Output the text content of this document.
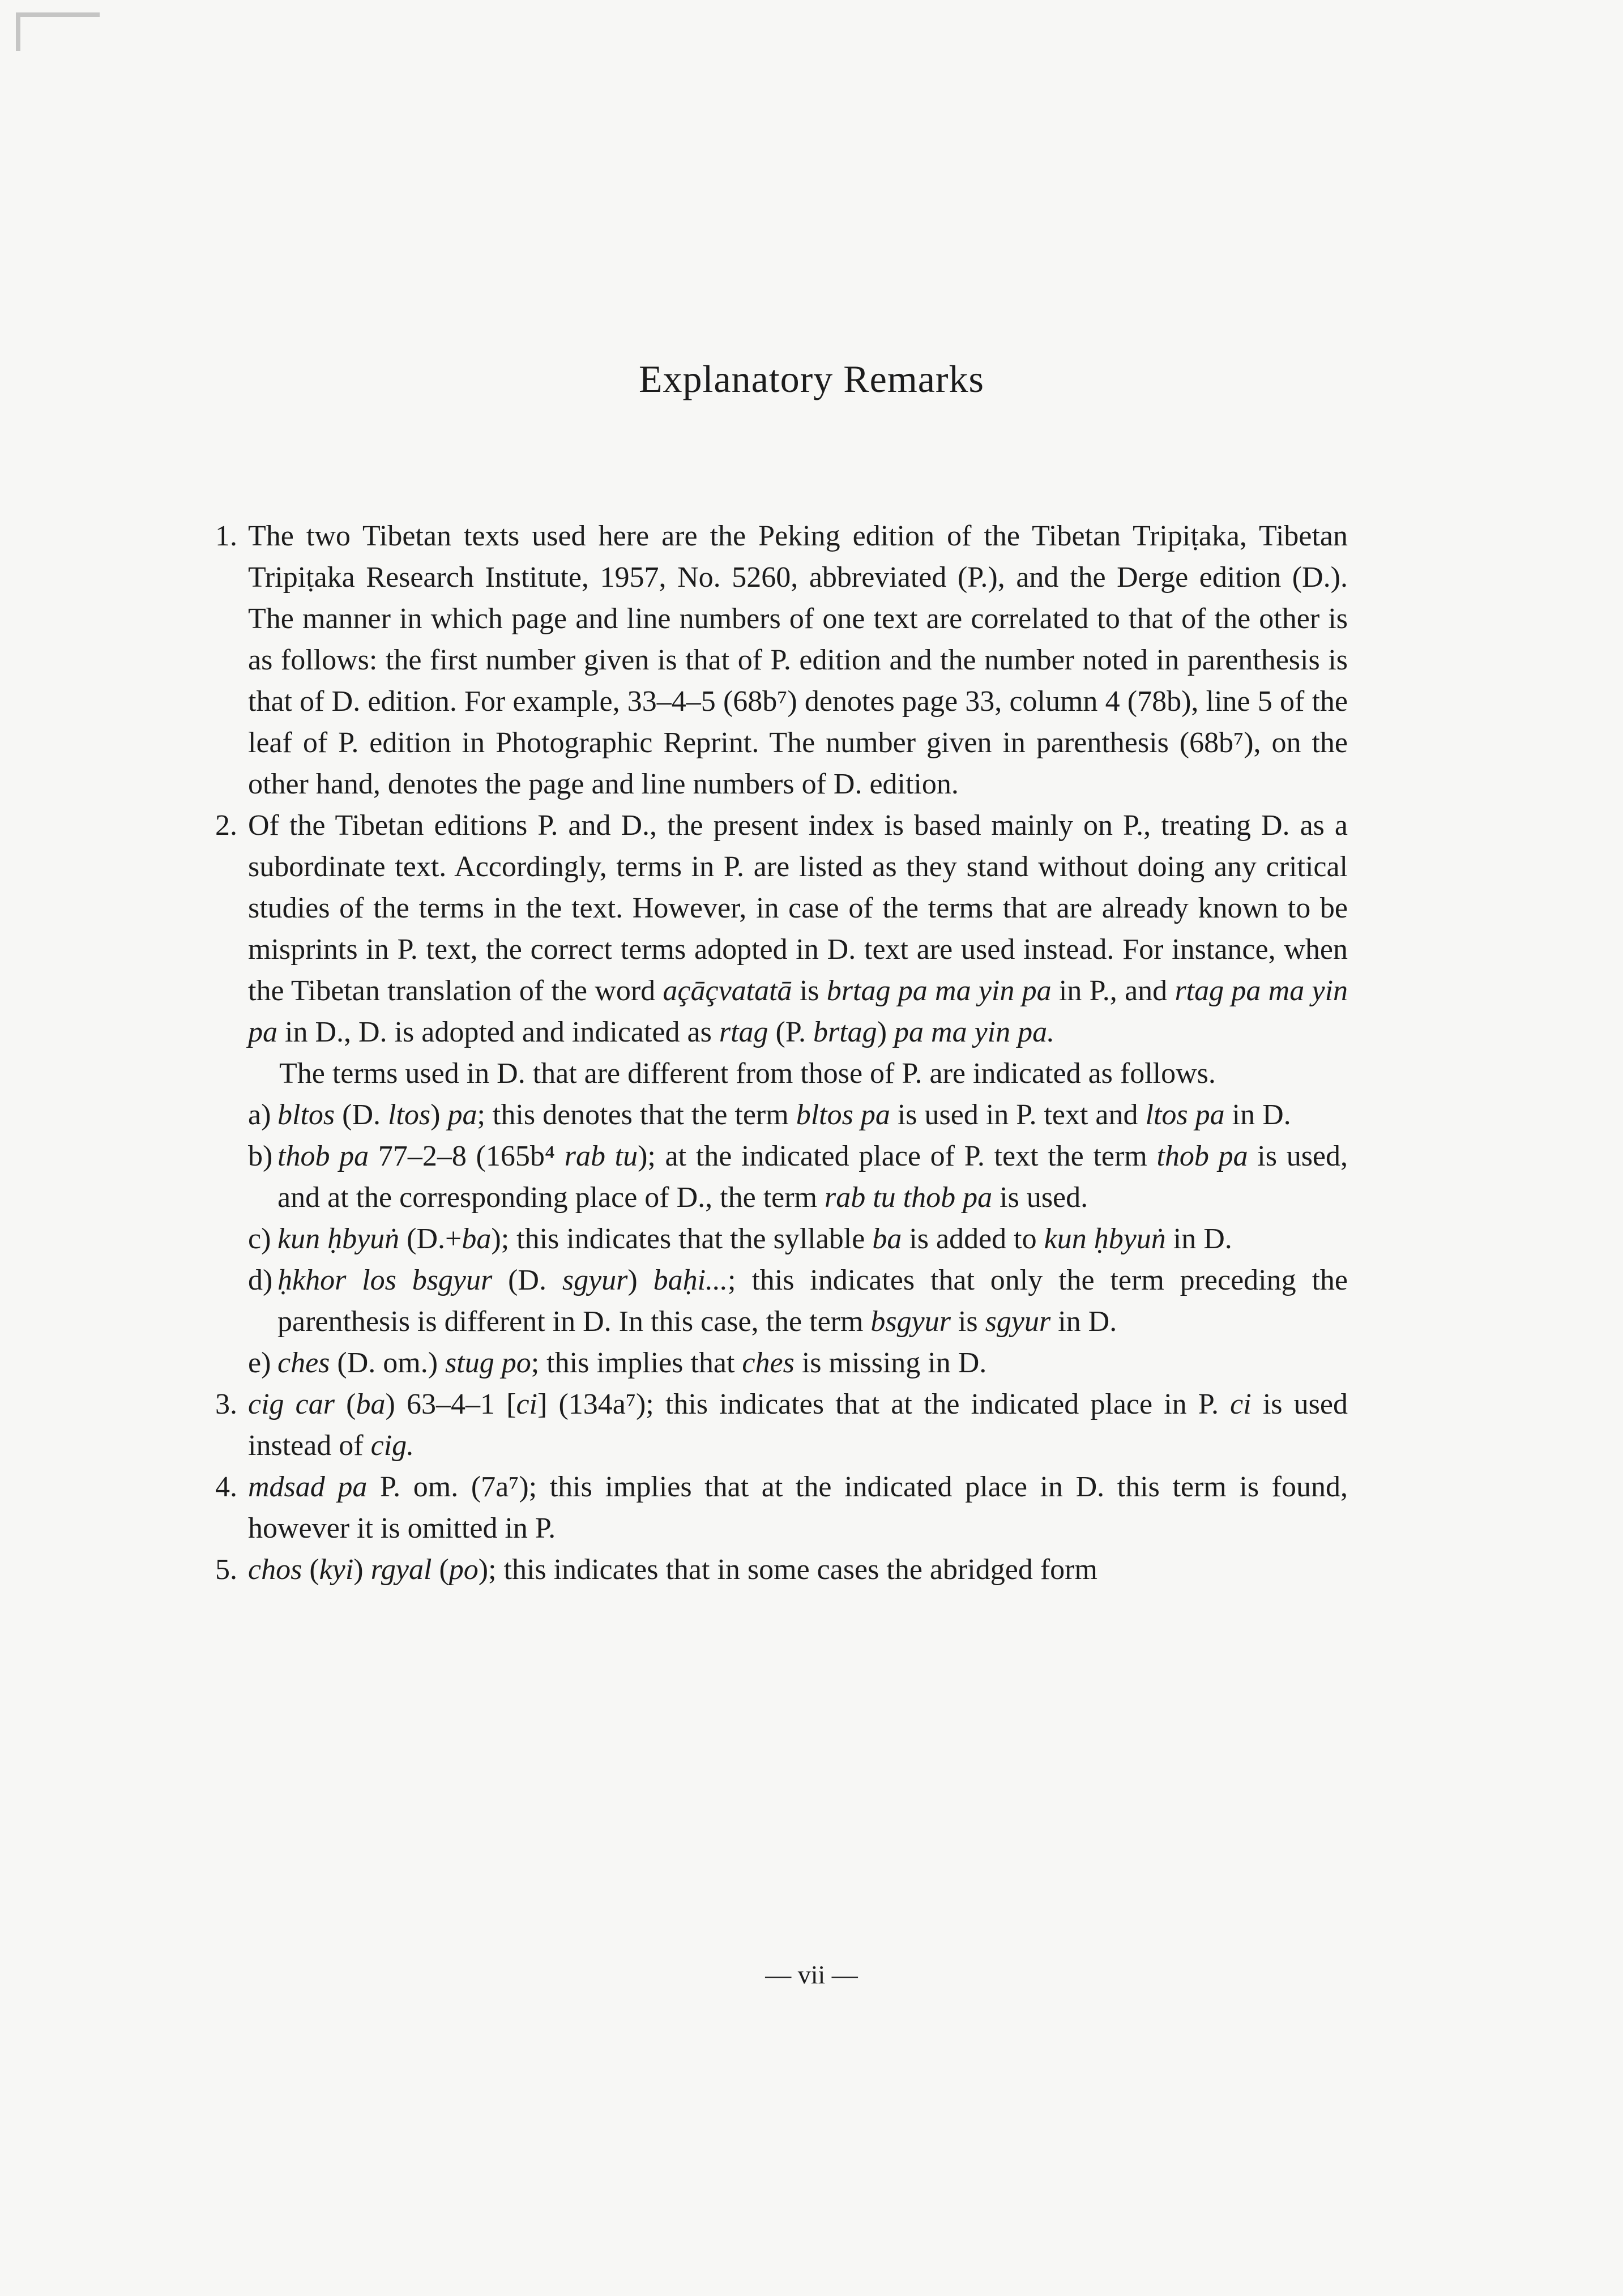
Explanatory Remarks

1. The two Tibetan texts used here are the Peking edition of the Tibetan Tripiṭaka, Tibetan Tripiṭaka Research Institute, 1957, No. 5260, abbreviated (P.), and the Derge edition (D.). The manner in which page and line numbers of one text are correlated to that of the other is as follows: the first number given is that of P. edition and the number noted in parenthesis is that of D. edition. For example, 33–4–5 (68b⁷) denotes page 33, column 4 (78b), line 5 of the leaf of P. edition in Photographic Reprint. The number given in parenthesis (68b⁷), on the other hand, denotes the page and line numbers of D. edition.

2. Of the Tibetan editions P. and D., the present index is based mainly on P., treating D. as a subordinate text. Accordingly, terms in P. are listed as they stand without doing any critical studies of the terms in the text. However, in case of the terms that are already known to be misprints in P. text, the correct terms adopted in D. text are used instead. For instance, when the Tibetan translation of the word açāçvatatā is brtag pa ma yin pa in P., and rtag pa ma yin pa in D., D. is adopted and indicated as rtag (P. brtag) pa ma yin pa.

The terms used in D. that are different from those of P. are indicated as follows.

a) bltos (D. ltos) pa; this denotes that the term bltos pa is used in P. text and ltos pa in D.

b) thob pa 77–2–8 (165b⁴ rab tu); at the indicated place of P. text the term thob pa is used, and at the corresponding place of D., the term rab tu thob pa is used.

c) kun ḥbyuṅ (D.+ba); this indicates that the syllable ba is added to kun ḥbyuṅ in D.

d) ḥkhor los bsgyur (D. sgyur) baḥi...; this indicates that only the term preceding the parenthesis is different in D. In this case, the term bsgyur is sgyur in D.

e) ches (D. om.) stug po; this implies that ches is missing in D.

3. cig car (ba) 63–4–1 [ci] (134a⁷); this indicates that at the indicated place in P. ci is used instead of cig.

4. mdsad pa P. om. (7a⁷); this implies that at the indicated place in D. this term is found, however it is omitted in P.

5. chos (kyi) rgyal (po); this indicates that in some cases the abridged form

— vii —
